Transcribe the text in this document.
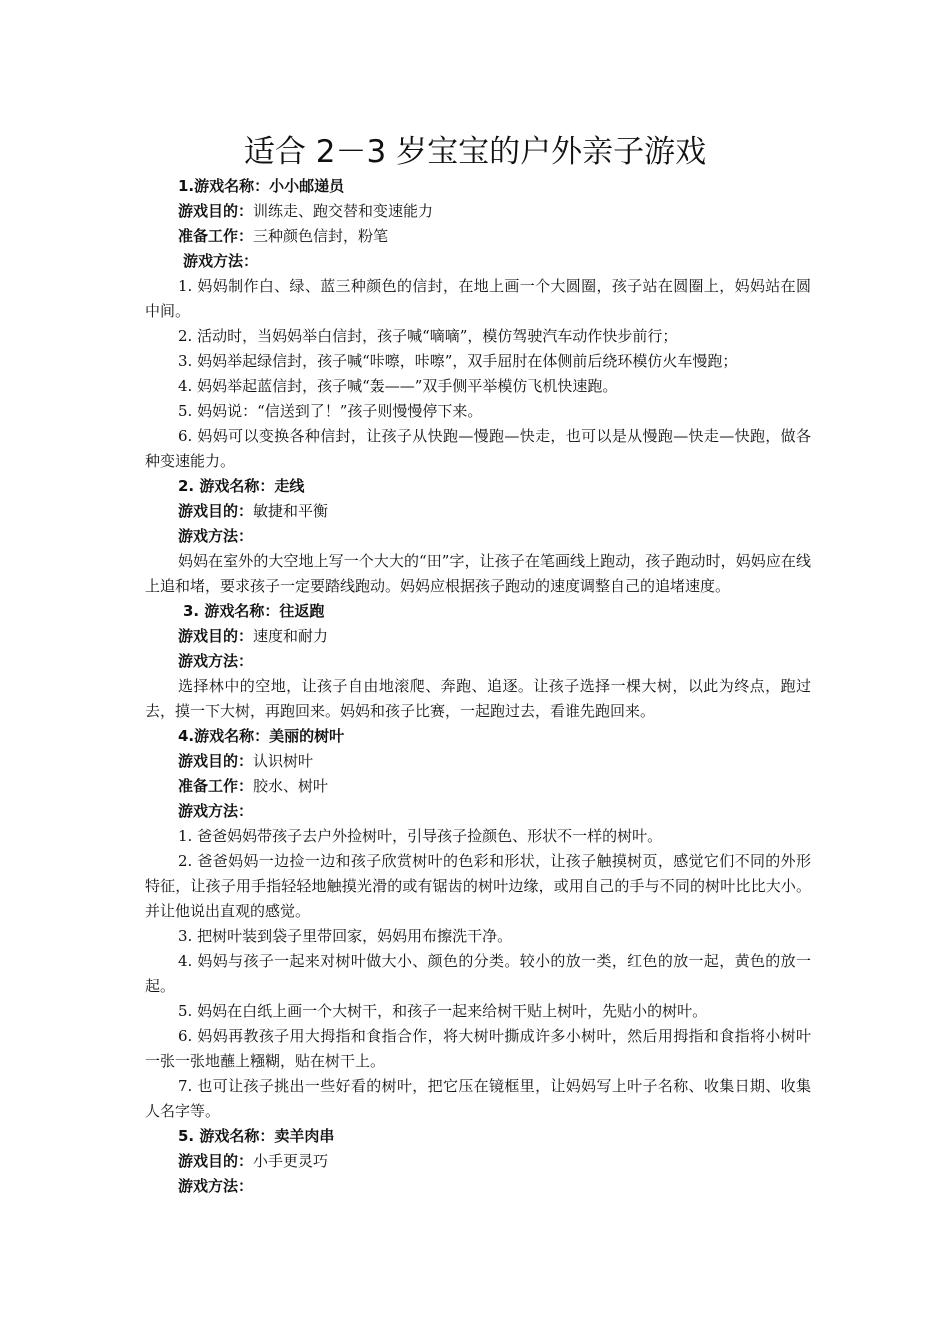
适合 2－3 岁宝宝的户外亲子游戏

1.游戏名称：小小邮递员

游戏目的：训练走、跑交替和变速能力

准备工作：三种颜色信封，粉笔

游戏方法：

1. 妈妈制作白、绿、蓝三种颜色的信封，在地上画一个大圆圈，孩子站在圆圈上，妈妈站在圆中间。

2. 活动时，当妈妈举白信封，孩子喊“嘀嘀”，模仿驾驶汽车动作快步前行；

3. 妈妈举起绿信封，孩子喊“咔嚓，咔嚓”，双手屈肘在体侧前后绕环模仿火车慢跑；

4. 妈妈举起蓝信封，孩子喊“轰——”双手侧平举模仿飞机快速跑。

5. 妈妈说：“信送到了！”孩子则慢慢停下来。

6. 妈妈可以变换各种信封，让孩子从快跑—慢跑—快走，也可以是从慢跑—快走—快跑，做各种变速能力。

2. 游戏名称：走线

游戏目的：敏捷和平衡

游戏方法：

妈妈在室外的大空地上写一个大大的“田”字，让孩子在笔画线上跑动，孩子跑动时，妈妈应在线上追和堵，要求孩子一定要踏线跑动。妈妈应根据孩子跑动的速度调整自己的追堵速度。

3. 游戏名称：往返跑

游戏目的：速度和耐力

游戏方法：

选择林中的空地，让孩子自由地滚爬、奔跑、追逐。让孩子选择一棵大树，以此为终点，跑过去，摸一下大树，再跑回来。妈妈和孩子比赛，一起跑过去，看谁先跑回来。

4.游戏名称：美丽的树叶

游戏目的：认识树叶

准备工作：胶水、树叶

游戏方法：

1. 爸爸妈妈带孩子去户外捡树叶，引导孩子捡颜色、形状不一样的树叶。

2. 爸爸妈妈一边捡一边和孩子欣赏树叶的色彩和形状，让孩子触摸树页，感觉它们不同的外形特征，让孩子用手指轻轻地触摸光滑的或有锯齿的树叶边缘，或用自己的手与不同的树叶比比大小。并让他说出直观的感觉。

3. 把树叶装到袋子里带回家，妈妈用布擦洗干净。

4. 妈妈与孩子一起来对树叶做大小、颜色的分类。较小的放一类，红色的放一起，黄色的放一起。

5. 妈妈在白纸上画一个大树干，和孩子一起来给树干贴上树叶，先贴小的树叶。

6. 妈妈再教孩子用大拇指和食指合作，将大树叶撕成许多小树叶，然后用拇指和食指将小树叶一张一张地蘸上糨糊，贴在树干上。

7. 也可让孩子挑出一些好看的树叶，把它压在镜框里，让妈妈写上叶子名称、收集日期、收集人名字等。

5. 游戏名称：卖羊肉串

游戏目的：小手更灵巧

游戏方法：
